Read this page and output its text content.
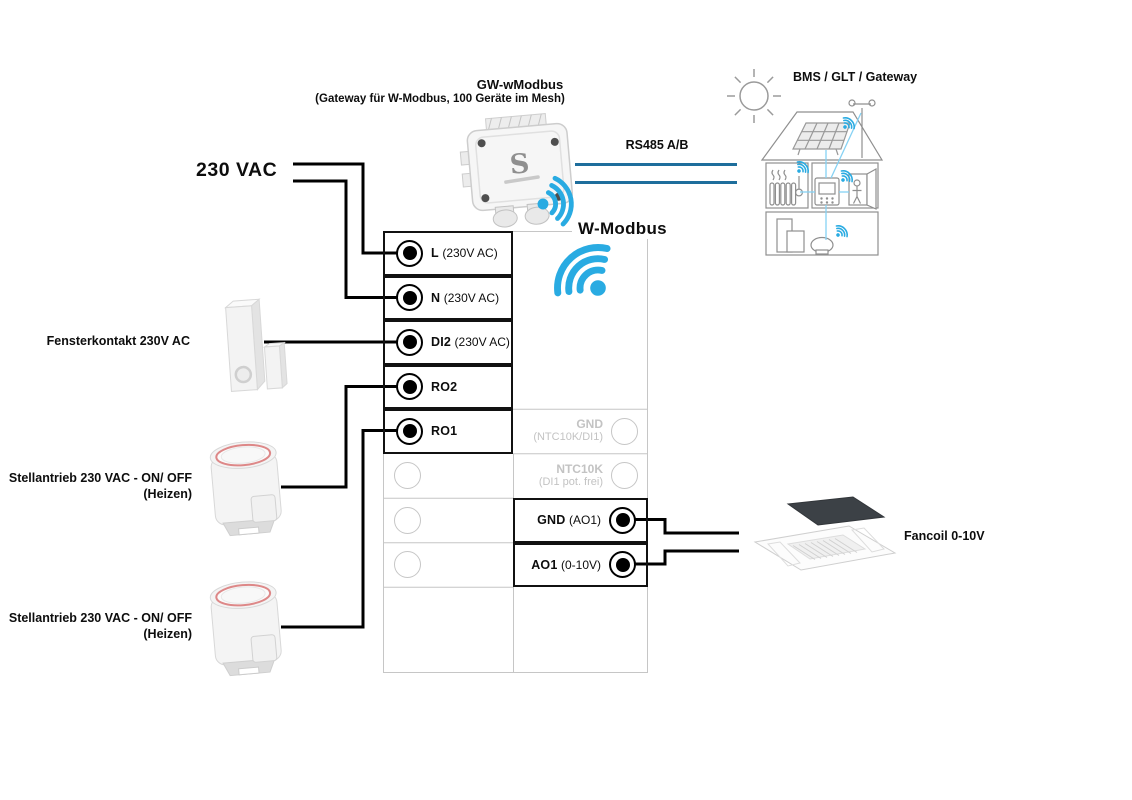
S
GW-wModbus
(Gateway für W-Modbus, 100 Geräte im Mesh)
230 VAC
RS485 A/B
BMS / GLT / Gateway
W-Modbus
Fensterkontakt 230V AC
Stellantrieb 230 VAC - ON/ OFF
(Heizen)
Stellantrieb 230 VAC - ON/ OFF
(Heizen)
Fancoil 0-10V
L (230V AC)
N (230V AC)
DI2 (230V AC)
RO2
RO1	GND
(NTC10K/DI1)
NTC10K
(DI1 pot. frei)
GND (AO1)
AO1 (0-10V)
